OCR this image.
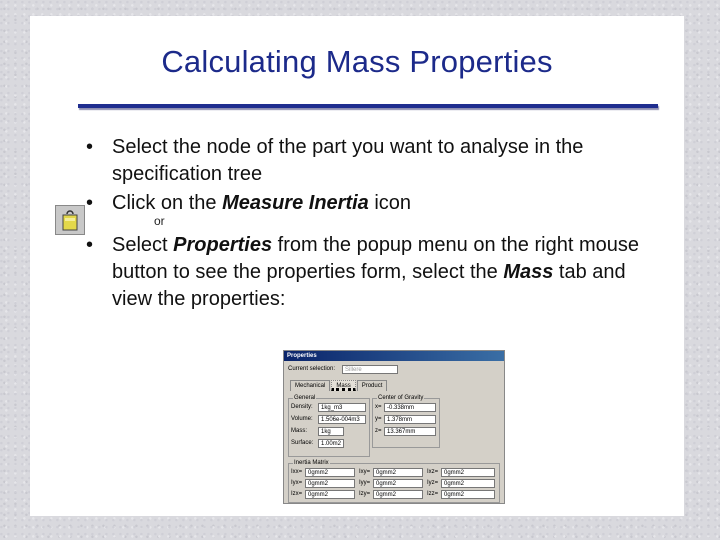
Calculating Mass Properties
• Select the node of the part you want to analyse in the specification tree
• Click on the Measure Inertia icon
or
• Select Properties from the popup menu on the right mouse button to see the properties form, select the Mass tab and view the properties:
Properties
Current selection:	Sillere
Mechanical	Mass	Product
General
Density:	1kg_m3
Volume:	1.506e-004m3
Mass:	1kg
Surface:	1.00m2
Center of Gravity
x= -0.338mm
y= 1.378mm
z= 13.367mm
Inertia Matrix
Ixx= 0gmm2	Ixy= 0gmm2	Ixz= 0gmm2
Iyx= 0gmm2	Iyy= 0gmm2	Iyz= 0gmm2
Izx= 0gmm2	Izy= 0gmm2	Izz= 0gmm2
